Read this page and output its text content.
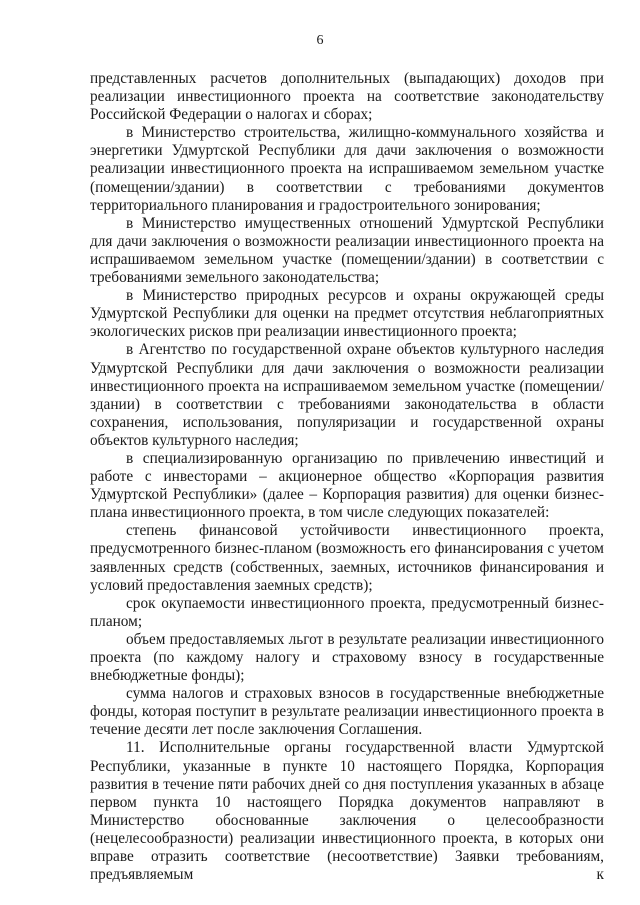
6

представленных расчетов дополнительных (выпадающих) доходов при реализации инвестиционного проекта на соответствие законодательству Российской Федерации о налогах и сборах;

в Министерство строительства, жилищно-коммунального хозяйства и энергетики Удмуртской Республики для дачи заключения о возможности реализации инвестиционного проекта на испрашиваемом земельном участке (помещении/здании) в соответствии с требованиями документов территориального планирования и градостроительного зонирования;

в Министерство имущественных отношений Удмуртской Республики для дачи заключения о возможности реализации инвестиционного проекта на испрашиваемом земельном участке (помещении/здании) в соответствии с требованиями земельного законодательства;

в Министерство природных ресурсов и охраны окружающей среды Удмуртской Республики для оценки на предмет отсутствия неблагоприятных экологических рисков при реализации инвестиционного проекта;

в Агентство по государственной охране объектов культурного наследия Удмуртской Республики для дачи заключения о возможности реализации инвестиционного проекта на испрашиваемом земельном участке (помещении/здании) в соответствии с требованиями законодательства в области сохранения, использования, популяризации и государственной охраны объектов культурного наследия;

в специализированную организацию по привлечению инвестиций и работе с инвесторами – акционерное общество «Корпорация развития Удмуртской Республики» (далее – Корпорация развития) для оценки бизнес-плана инвестиционного проекта, в том числе следующих показателей:

степень финансовой устойчивости инвестиционного проекта, предусмотренного бизнес-планом (возможность его финансирования с учетом заявленных средств (собственных, заемных, источников финансирования и условий предоставления заемных средств);

срок окупаемости инвестиционного проекта, предусмотренный бизнес-планом;

объем предоставляемых льгот в результате реализации инвестиционного проекта (по каждому налогу и страховому взносу в государственные внебюджетные фонды);

сумма налогов и страховых взносов в государственные внебюджетные фонды, которая поступит в результате реализации инвестиционного проекта в течение десяти лет после заключения Соглашения.

11. Исполнительные органы государственной власти Удмуртской Республики, указанные в пункте 10 настоящего Порядка, Корпорация развития в течение пяти рабочих дней со дня поступления указанных в абзаце первом пункта 10 настоящего Порядка документов направляют в Министерство обоснованные заключения о целесообразности (нецелесообразности) реализации инвестиционного проекта, в которых они вправе отразить соответствие (несоответствие) Заявки требованиям, предъявляемым к
